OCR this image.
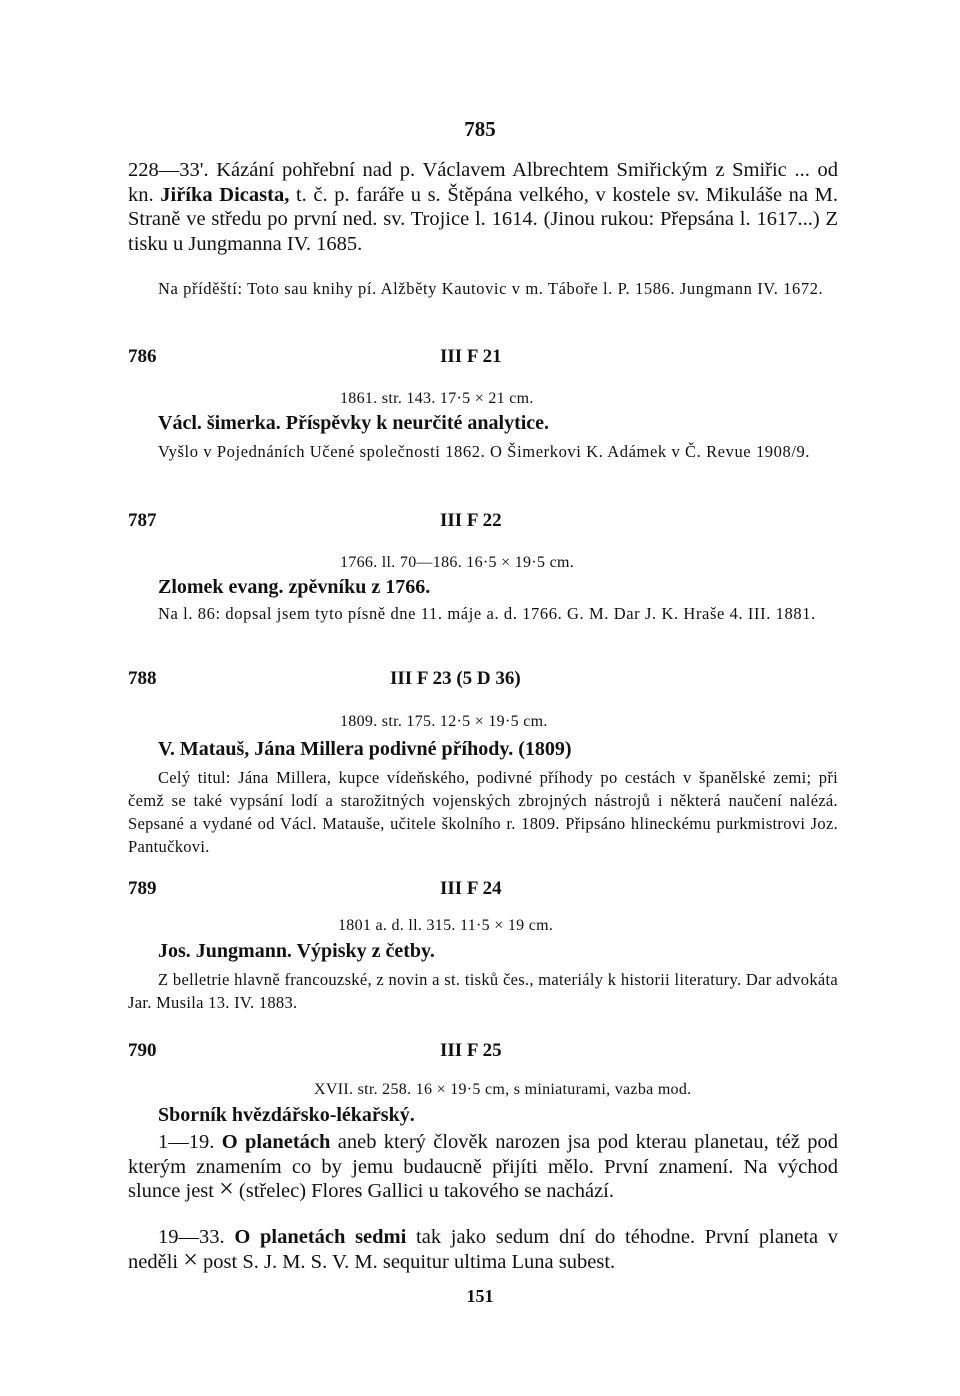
785
228—33'. Kázání pohřební nad p. Václavem Albrechtem Smiřickým z Smiřic ... od kn. Jiříka Dicasta, t. č. p. faráře u s. Štěpána velkého, v kostele sv. Mikuláše na M. Straně ve středu po první ned. sv. Trojice l. 1614. (Jinou rukou: Přepsána l. 1617...) Z tisku u Jungmanna IV. 1685.
Na příděští: Toto sau knihy pí. Alžběty Kautovic v m. Táboře l. P. 1586. Jungmann IV. 1672.
786	III F 21
1861. str. 143. 17·5 × 21 cm.
Václ. šimerka. Příspěvky k neurčité analytice.
Vyšlo v Pojednáních Učené společnosti 1862. O Šimerkovi K. Adámek v Č. Revue 1908/9.
787	III F 22
1766. ll. 70—186. 16·5 × 19·5 cm.
Zlomek evang. zpěvníku z 1766.
Na l. 86: dopsal jsem tyto písně dne 11. máje a. d. 1766. G. M. Dar J. K. Hraše 4. III. 1881.
788	III F 23 (5 D 36)
1809. str. 175. 12·5 × 19·5 cm.
V. Matauš, Jána Millera podivné příhody. (1809)
Celý titul: Jána Millera, kupce vídeňského, podivné příhody po cestách v španělské zemi; při čemž se také vypsání lodí a starožitných vojenských zbrojných nástrojů i některá naučení nalézá. Sepsané a vydané od Václ. Mataušе, učitele školního r. 1809. Připsáno hlineckému purkmistrovi Joz. Pantučkovi.
789	III F 24
1801 a. d. ll. 315. 11·5 × 19 cm.
Jos. Jungmann. Výpisky z četby.
Z belletrie hlavně francouzské, z novin a st. tisků čes., materiály k historii literatury. Dar advokáta Jar. Musila 13. IV. 1883.
790	III F 25
XVII. str. 258. 16 × 19·5 cm, s miniaturami, vazba mod.
Sborník hvězdářsko-lékařský.
1—19. O planetách aneb který člověk narozen jsa pod kterau planetau, též pod kterým znamením co by jemu budaucně přijíti mělo. První znamení. Na východ slunce jest × (střelec) Flores Gallici u takového se nachází.
19—33. O planetách sedmi tak jako sedum dní do téhodne. První planeta v neděli × post S. J. M. S. V. M. sequitur ultima Luna subest.
151
